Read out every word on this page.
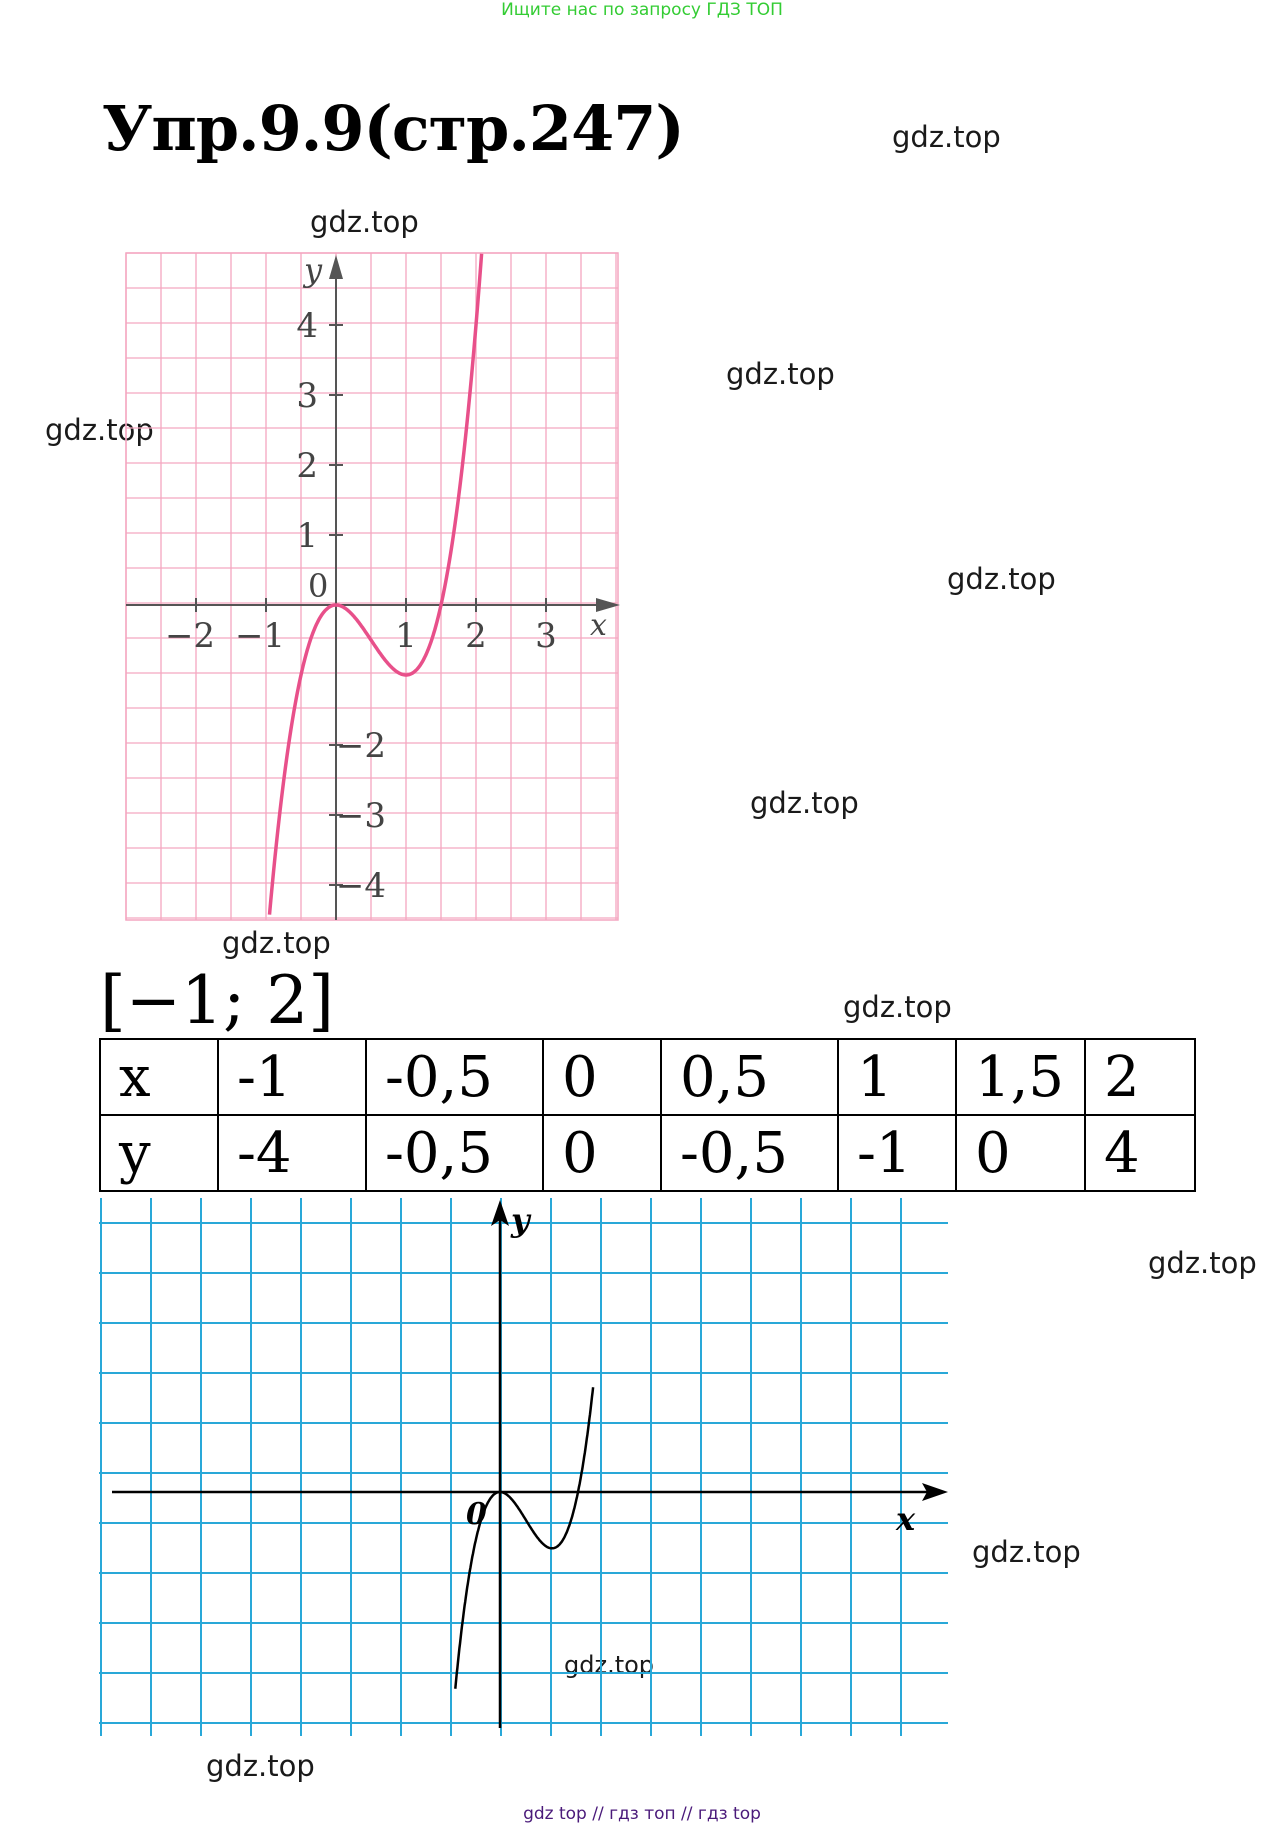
Ищите нас по запросу ГДЗ ТОП
Упр.9.9(стр.247)	gdz.top
gdz.top
gdz.top
gdz.top
gdz.top
gdz.top
gdz.top
gdz.top
gdz.top
gdz.top
gdz.top
gdz.top
−2 −1	1 2 3
4
3
2
1
−2
−3
−4
0
x
y
[−1; 2]
x	-1	-0,5	0	0,5	1	1,5	2
y	-4	-0,5	0	-0,5	-1	0	4
x
y
0
gdz top // гдз топ // гдз top
